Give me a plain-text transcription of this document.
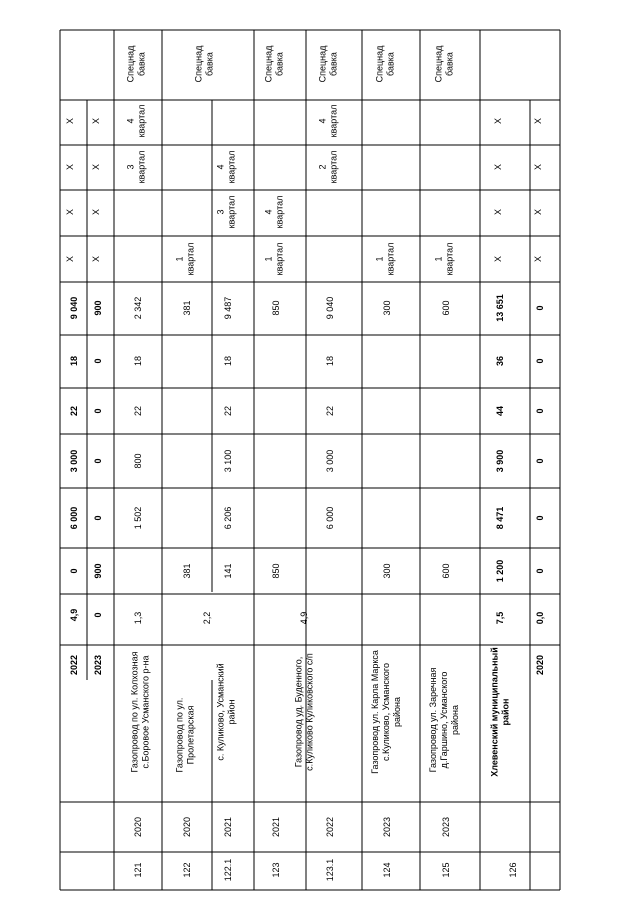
2022
4,9
0
6 000
3 000
22
18
9 040
X
X
X
X
2023
0
900
0
0
0
0
900
X
X
X
X
121
2020
Газопровод по ул. Колхознаяс.Боровое Усманского р-на
1,3
1 502
800
22
18
2 342
3квартал
4квартал
Спецнадбавка
122
2020
Газопровод по ул.Пролетарская
381
381
1квартал
Спецнадбавка
122.1
2021
с. Куликово, Усманскийрайон
141
6 206
3 100
22
18
9 487
3квартал
4квартал
2,2
123
2021
850
850
1квартал
4квартал
Спецнадбавка
Газопровод уд. Буденного,с.Куликово Куликовского с/п
4,9
123.1
2022
6 000
3 000
22
18
9 040
2квартал
4квартал
Спецнадбавка
124
2023
Газопровод ул. Карла Марксас.Куликово, Усманскогорайона
300
300
1квартал
Спецнадбавка
125
2023
Газопровод ул. Заречнаяд.Гаршино, Усманскогорайона
600
600
1квартал
Спецнадбавка
126
Хлевенский муниципальныйрайон
7,5
1 200
8 471
3 900
44
36
13 651
X
X
X
X
2020
0,0
0
0
0
0
0
0
X
X
X
X
